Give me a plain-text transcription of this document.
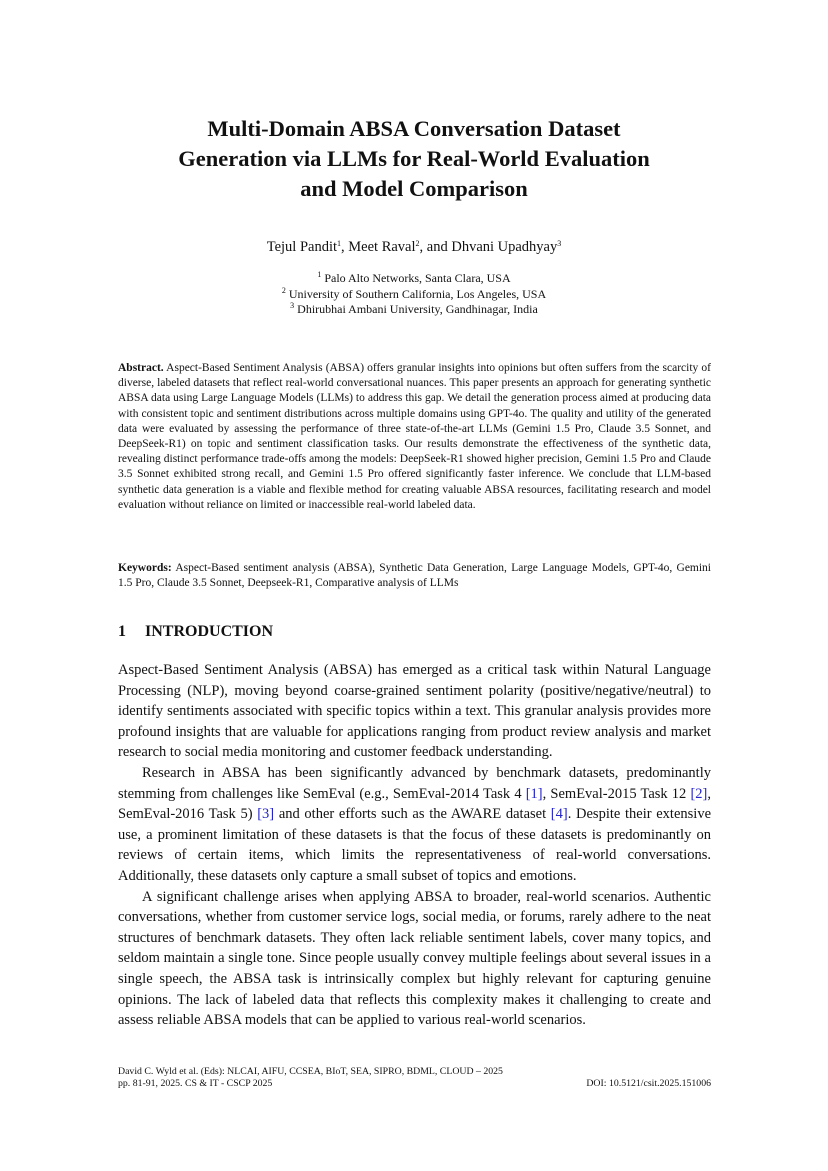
Multi-Domain ABSA Conversation Dataset
Generation via LLMs for Real-World Evaluation
and Model Comparison
Tejul Pandit$^1$, Meet Raval$^2$, and Dhvani Upadhyay$^3$
$^1$ Palo Alto Networks, Santa Clara, USA
$^2$ University of Southern California, Los Angeles, USA
$^3$ Dhirubhai Ambani University, Gandhinagar, India
Abstract. Aspect-Based Sentiment Analysis (ABSA) offers granular insights into opinions but often suffers from the scarcity of diverse, labeled datasets that reflect real-world conversational nuances. This paper presents an approach for generating synthetic ABSA data using Large Language Models (LLMs) to address this gap. We detail the generation process aimed at producing data with consistent topic and sentiment distributions across multiple domains using GPT-4o. The quality and utility of the generated data were evaluated by assessing the performance of three state-of-the-art LLMs (Gemini 1.5 Pro, Claude 3.5 Sonnet, and DeepSeek-R1) on topic and sentiment classification tasks. Our results demonstrate the effectiveness of the synthetic data, revealing distinct performance trade-offs among the models: DeepSeek-R1 showed higher precision, Gemini 1.5 Pro and Claude 3.5 Sonnet exhibited strong recall, and Gemini 1.5 Pro offered significantly faster inference. We conclude that LLM-based synthetic data generation is a viable and flexible method for creating valuable ABSA resources, facilitating research and model evaluation without reliance on limited or inaccessible real-world labeled data.
Keywords: Aspect-Based sentiment analysis (ABSA), Synthetic Data Generation, Large Language Models, GPT-4o, Gemini 1.5 Pro, Claude 3.5 Sonnet, Deepseek-R1, Comparative analysis of LLMs
1 INTRODUCTION

Aspect-Based Sentiment Analysis (ABSA) has emerged as a critical task within Natural Language Processing (NLP), moving beyond coarse-grained sentiment polarity (positive/negative/neutral) to identify sentiments associated with specific topics within a text. This granular analysis provides more profound insights that are valuable for applications ranging from product review analysis and market research to social media monitoring and customer feedback understanding.

Research in ABSA has been significantly advanced by benchmark datasets, predominantly stemming from challenges like SemEval (e.g., SemEval-2014 Task 4 [1], SemEval-2015 Task 12 [2], SemEval-2016 Task 5) [3] and other efforts such as the AWARE dataset [4]. Despite their extensive use, a prominent limitation of these datasets is that the focus of these datasets is predominantly on reviews of certain items, which limits the representativeness of real-world conversations. Additionally, these datasets only capture a small subset of topics and emotions.

A significant challenge arises when applying ABSA to broader, real-world scenarios. Authentic conversations, whether from customer service logs, social media, or forums, rarely adhere to the neat structures of benchmark datasets. They often lack reliable sentiment labels, cover many topics, and seldom maintain a single tone. Since people usually convey multiple feelings about several issues in a single speech, the ABSA task is intrinsically complex but highly relevant for capturing genuine opinions. The lack of labeled data that reflects this complexity makes it challenging to create and assess reliable ABSA models that can be applied to various real-world scenarios.

David C. Wyld et al. (Eds): NLCAI, AIFU, CCSEA, BIoT, SEA, SIPRO, BDML, CLOUD – 2025
pp. 81-91, 2025. CS & IT - CSCP 2025	DOI: 10.5121/csit.2025.151006
